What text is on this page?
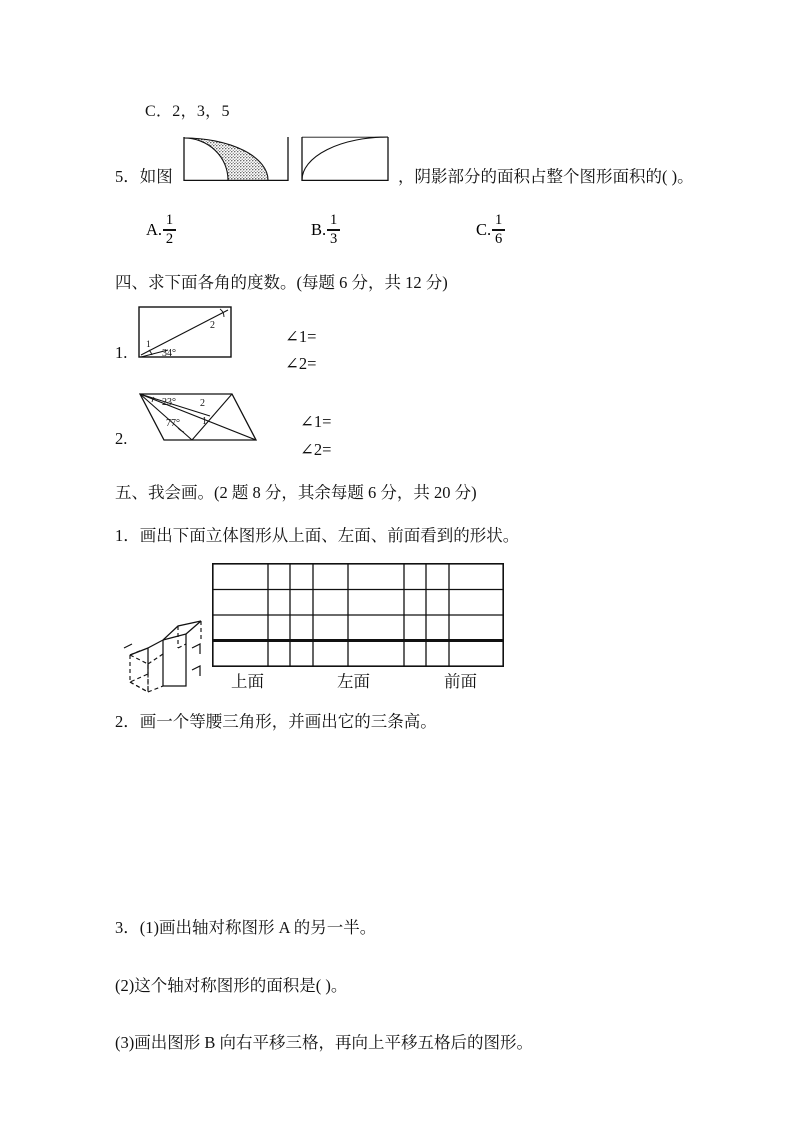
C．2，3，5
5．如图	，阴影部分的面积占整个图形面积的( )。
A. $\frac{1}{2}$	B. $\frac{1}{3}$	C. $\frac{1}{6}$
四、求下面各角的度数。(每题 6 分，共 12 分)
1. 1
34°
2
∠1=
∠2=
2.
23° 2
77° 1	∠1=
∠2=
五、我会画。(2 题 8 分，其余每题 6 分，共 20 分)
1．画出下面立体图形从上面、左面、前面看到的形状。
上面	左面	前面
2．画一个等腰三角形，并画出它的三条高。
3．(1)画出轴对称图形 A 的另一半。
(2)这个轴对称图形的面积是( )。
(3)画出图形 B 向右平移三格，再向上平移五格后的图形。
